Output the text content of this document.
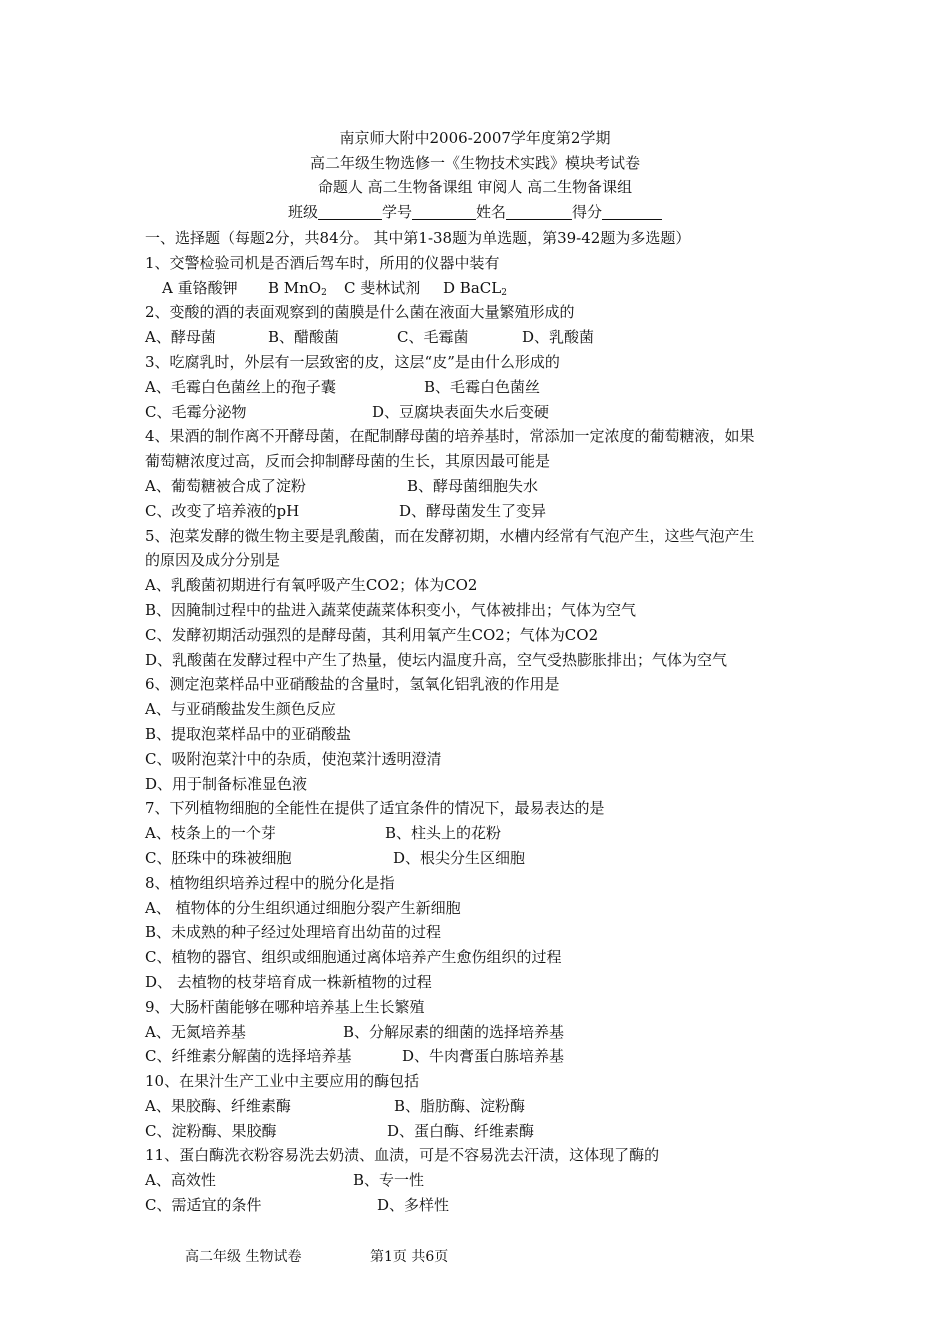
南京师大附中2006-2007学年度第2学期
高二年级生物选修一《生物技术实践》模块考试卷
命题人 高二生物备课组 审阅人 高二生物备课组
班级	学号	姓名	得分
一、选择题（每题2分，共84分。 其中第1-38题为单选题，第39-42题为多选题）
1、交警检验司机是否酒后驾车时，所用的仪器中装有
A 重铬酸钾 B MnO$_2$ C 斐林试剂 D BaCL$_2$
2、变酸的酒的表面观察到的菌膜是什么菌在液面大量繁殖形成的
A、酵母菌	B、醋酸菌	C、毛霉菌	D、乳酸菌
3、吃腐乳时，外层有一层致密的皮，这层“皮”是由什么形成的
A、毛霉白色菌丝上的孢子囊	B、毛霉白色菌丝
C、毛霉分泌物	D、豆腐块表面失水后变硬
4、果酒的制作离不开酵母菌，在配制酵母菌的培养基时，常添加一定浓度的葡萄糖液，如果
葡萄糖浓度过高，反而会抑制酵母菌的生长，其原因最可能是
A、葡萄糖被合成了淀粉	B、酵母菌细胞失水
C、改变了培养液的pH	D、酵母菌发生了变异
5、泡菜发酵的微生物主要是乳酸菌，而在发酵初期，水槽内经常有气泡产生，这些气泡产生
的原因及成分分别是
A、乳酸菌初期进行有氧呼吸产生CO2；体为CO2
B、因腌制过程中的盐进入蔬菜使蔬菜体积变小，气体被排出；气体为空气
C、发酵初期活动强烈的是酵母菌，其利用氧产生CO2；气体为CO2
D、乳酸菌在发酵过程中产生了热量，使坛内温度升高，空气受热膨胀排出；气体为空气
6、测定泡菜样品中亚硝酸盐的含量时，氢氧化铝乳液的作用是
A、与亚硝酸盐发生颜色反应
B、提取泡菜样品中的亚硝酸盐
C、吸附泡菜汁中的杂质，使泡菜汁透明澄清
D、用于制备标准显色液
7、下列植物细胞的全能性在提供了适宜条件的情况下，最易表达的是
A、枝条上的一个芽	B、柱头上的花粉
C、胚珠中的珠被细胞	D、根尖分生区细胞
8、植物组织培养过程中的脱分化是指
A、 植物体的分生组织通过细胞分裂产生新细胞
B、未成熟的种子经过处理培育出幼苗的过程
C、植物的器官、组织或细胞通过离体培养产生愈伤组织的过程
D、 去植物的枝芽培育成一株新植物的过程
9、大肠杆菌能够在哪种培养基上生长繁殖
A、无氮培养基	B、分解尿素的细菌的选择培养基
C、纤维素分解菌的选择培养基	D、牛肉膏蛋白胨培养基
10、在果汁生产工业中主要应用的酶包括
A、果胶酶、纤维素酶	B、脂肪酶、淀粉酶
C、淀粉酶、果胶酶	D、蛋白酶、纤维素酶
11、蛋白酶洗衣粉容易洗去奶渍、血渍，可是不容易洗去汗渍，这体现了酶的
A、高效性	B、专一性
C、需适宜的条件	D、多样性
高二年级 生物试卷	第1页 共6页
